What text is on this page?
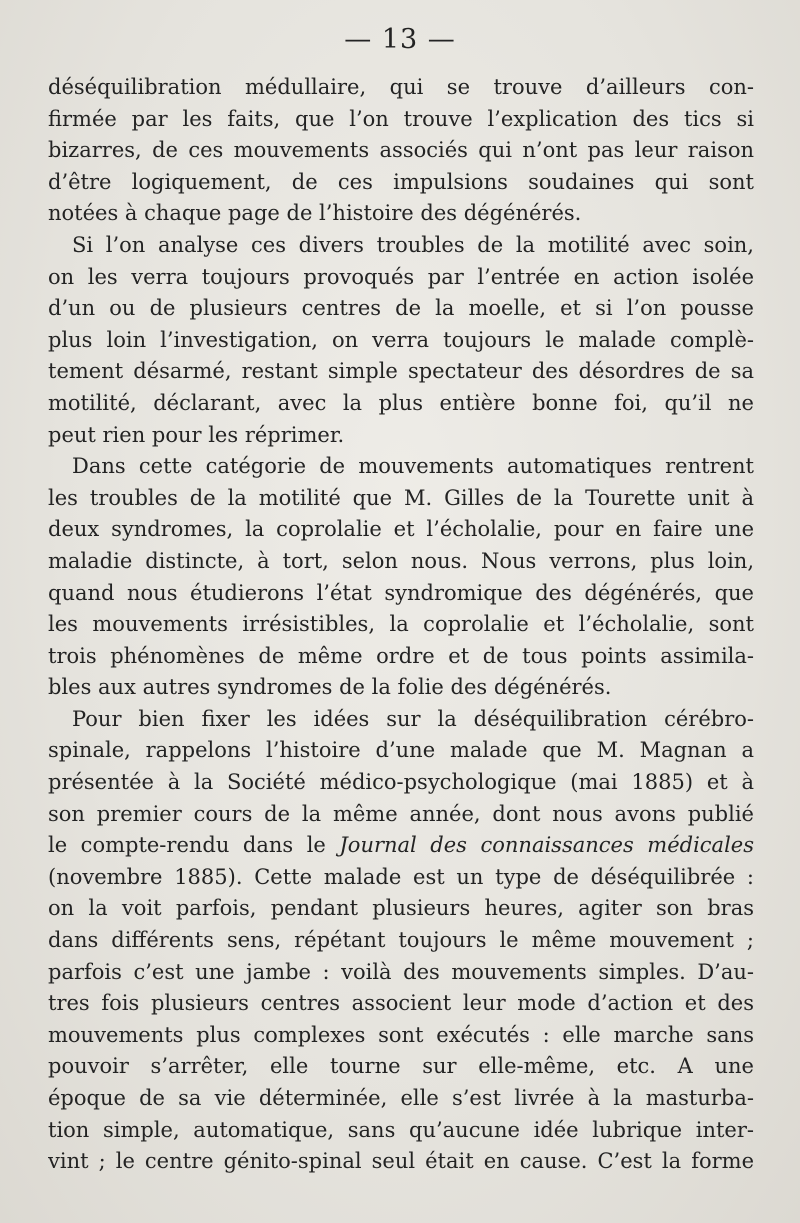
— 13 —
déséquilibration médullaire, qui se trouve d’ailleurs con-
firmée par les faits, que l’on trouve l’explication des tics si
bizarres, de ces mouvements associés qui n’ont pas leur raison
d’être logiquement, de ces impulsions soudaines qui sont
notées à chaque page de l’histoire des dégénérés.
Si l’on analyse ces divers troubles de la motilité avec soin,
on les verra toujours provoqués par l’entrée en action isolée
d’un ou de plusieurs centres de la moelle, et si l’on pousse
plus loin l’investigation, on verra toujours le malade complè-
tement désarmé, restant simple spectateur des désordres de sa
motilité, déclarant, avec la plus entière bonne foi, qu’il ne
peut rien pour les réprimer.
Dans cette catégorie de mouvements automatiques rentrent
les troubles de la motilité que M. Gilles de la Tourette unit à
deux syndromes, la coprolalie et l’écholalie, pour en faire une
maladie distincte, à tort, selon nous. Nous verrons, plus loin,
quand nous étudierons l’état syndromique des dégénérés, que
les mouvements irrésistibles, la coprolalie et l’écholalie, sont
trois phénomènes de même ordre et de tous points assimila-
bles aux autres syndromes de la folie des dégénérés.
Pour bien fixer les idées sur la déséquilibration cérébro-
spinale, rappelons l’histoire d’une malade que M. Magnan a
présentée à la Société médico-psychologique (mai 1885) et à
son premier cours de la même année, dont nous avons publié
le compte-rendu dans le Journal des connaissances médicales
(novembre 1885). Cette malade est un type de déséquilibrée :
on la voit parfois, pendant plusieurs heures, agiter son bras
dans différents sens, répétant toujours le même mouvement ;
parfois c’est une jambe : voilà des mouvements simples. D’au-
tres fois plusieurs centres associent leur mode d’action et des
mouvements plus complexes sont exécutés : elle marche sans
pouvoir s’arrêter, elle tourne sur elle-même, etc. A une
époque de sa vie déterminée, elle s’est livrée à la masturba-
tion simple, automatique, sans qu’aucune idée lubrique inter-
vint ; le centre génito-spinal seul était en cause. C’est la forme
